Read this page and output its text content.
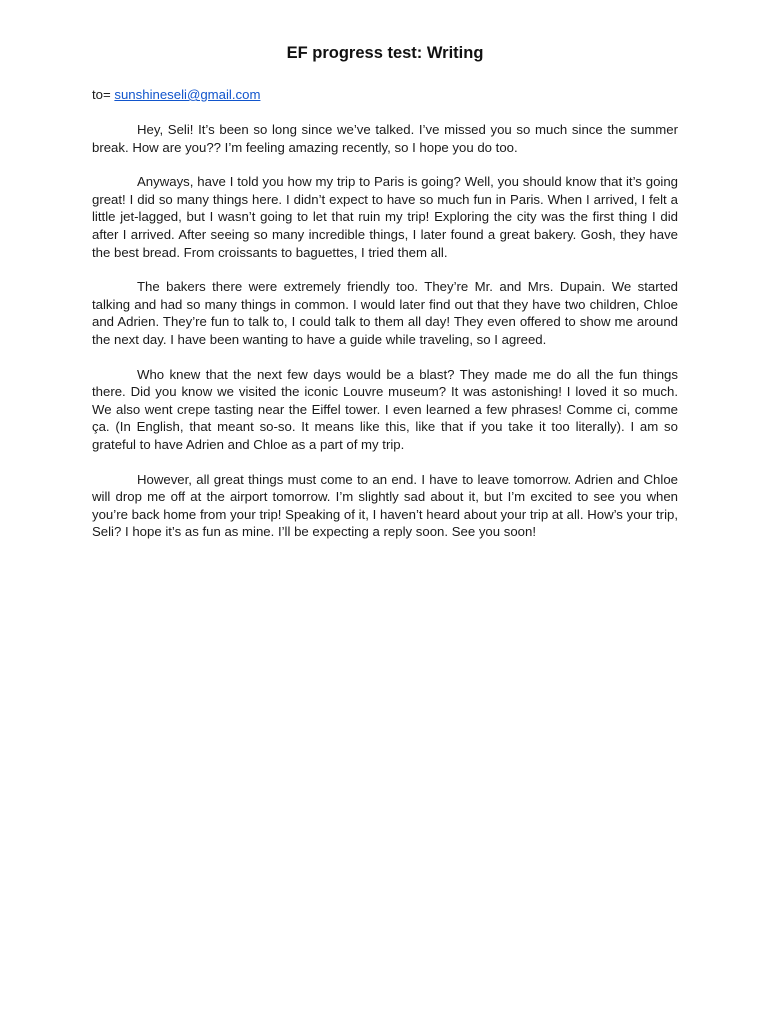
EF progress test: Writing
to= sunshineseli@gmail.com

Hey, Seli! It’s been so long since we’ve talked. I’ve missed you so much since the summer break. How are you?? I’m feeling amazing recently, so I hope you do too.

Anyways, have I told you how my trip to Paris is going? Well, you should know that it’s going great! I did so many things here. I didn’t expect to have so much fun in Paris. When I arrived, I felt a little jet-lagged, but I wasn’t going to let that ruin my trip! Exploring the city was the first thing I did after I arrived. After seeing so many incredible things, I later found a great bakery. Gosh, they have the best bread. From croissants to baguettes, I tried them all.

The bakers there were extremely friendly too. They’re Mr. and Mrs. Dupain. We started talking and had so many things in common. I would later find out that they have two children, Chloe and Adrien. They’re fun to talk to, I could talk to them all day! They even offered to show me around the next day. I have been wanting to have a guide while traveling, so I agreed.

Who knew that the next few days would be a blast? They made me do all the fun things there. Did you know we visited the iconic Louvre museum? It was astonishing! I loved it so much. We also went crepe tasting near the Eiffel tower. I even learned a few phrases! Comme ci, comme ça. (In English, that meant so-so. It means like this, like that if you take it too literally). I am so grateful to have Adrien and Chloe as a part of my trip.

However, all great things must come to an end. I have to leave tomorrow. Adrien and Chloe will drop me off at the airport tomorrow. I’m slightly sad about it, but I’m excited to see you when you’re back home from your trip! Speaking of it, I haven’t heard about your trip at all. How’s your trip, Seli? I hope it’s as fun as mine. I’ll be expecting a reply soon. See you soon!
